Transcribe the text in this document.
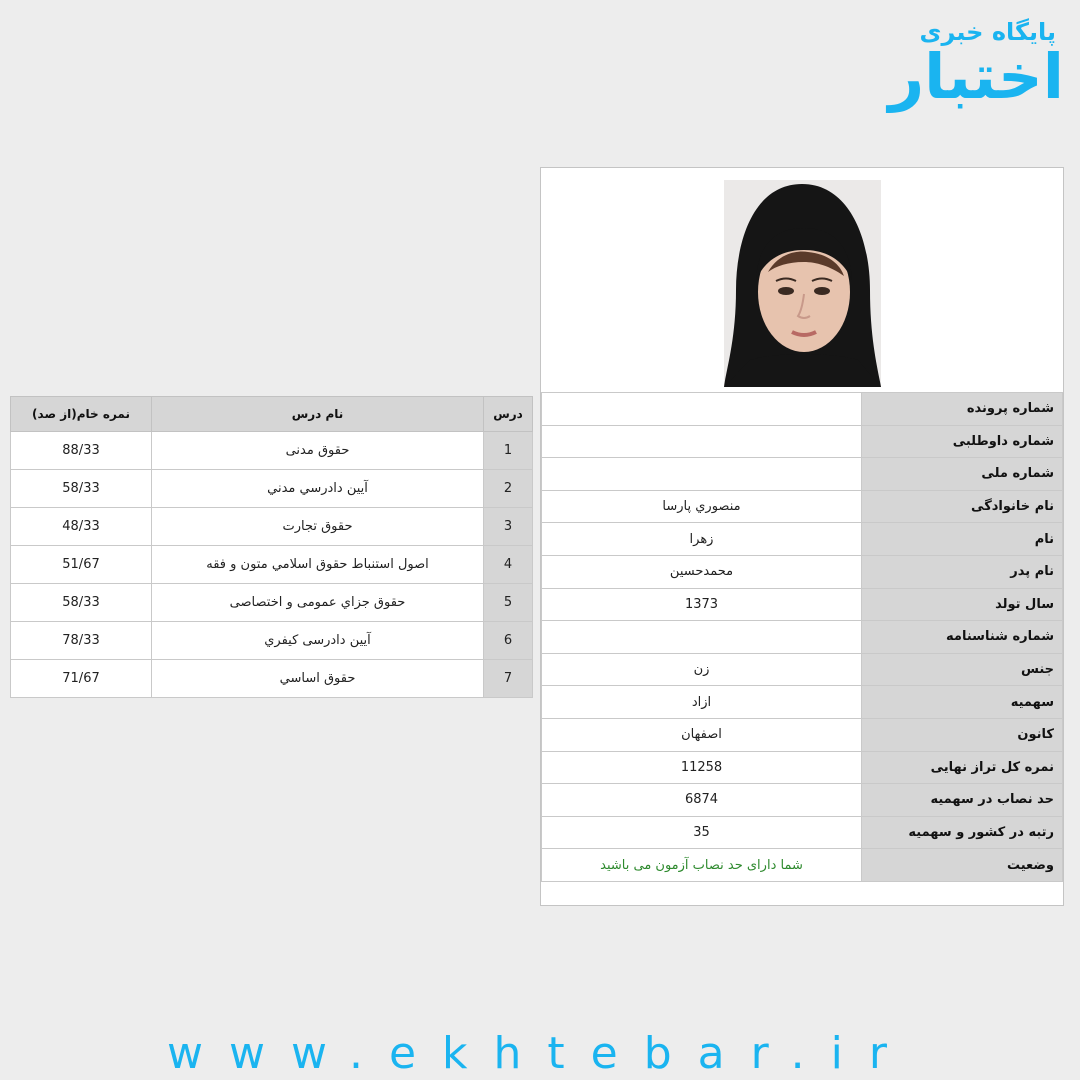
پایگاه خبری
اختبار
شماره پرونده	
شماره داوطلبی	
شماره ملی	
نام خانوادگی	منصوري پارسا
نام	زهرا
نام پدر	محمدحسین
سال تولد	1373
شماره شناسنامه	
جنس	زن
سهمیه	ازاد
کانون	اصفهان
نمره کل تراز نهایی	11258
حد نصاب در سهمیه	6874
رتبه در کشور و سهمیه	35
وضعیت	شما دارای حد نصاب آزمون می باشید
درس	نام درس	نمره خام(از صد)
1	حقوق مدنی	88/33
2	آيين دادرسي مدني	58/33
3	حقوق تجارت	48/33
4	اصول استنباط حقوق اسلامي متون و فقه	51/67
5	حقوق جزاي عمومی و اختصاصی	58/33
6	آيين دادرسی كيفري	78/33
7	حقوق اساسي	71/67
www.ekhtebar.ir
